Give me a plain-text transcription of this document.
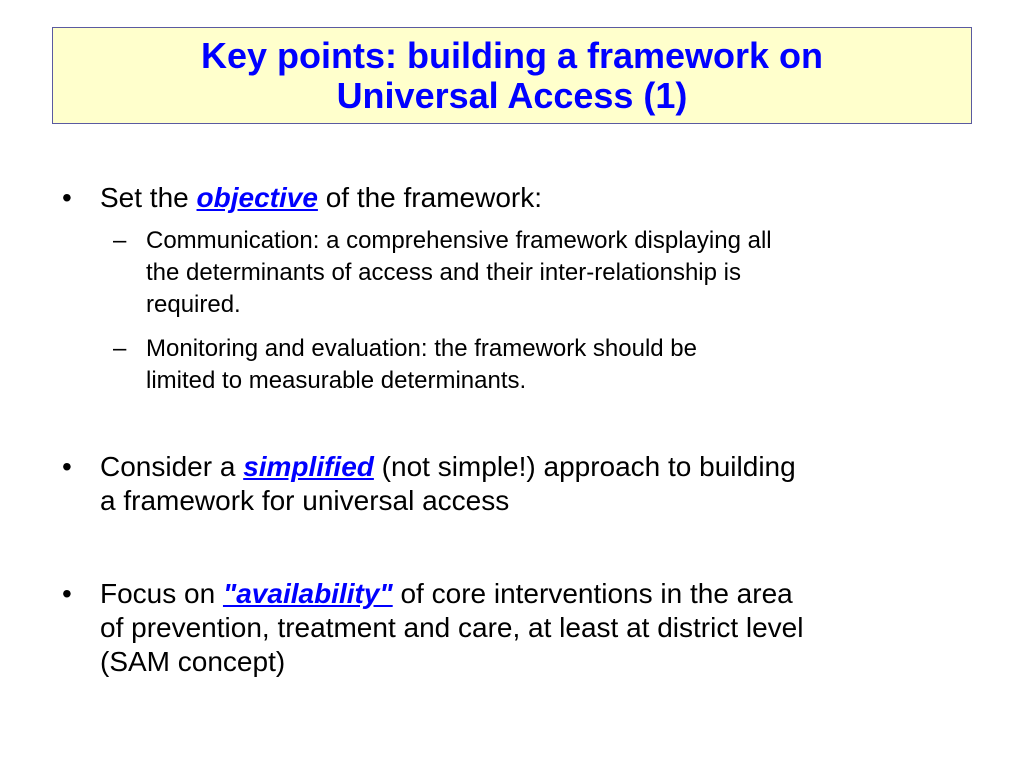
Key points: building a framework on
Universal Access (1)
• Set the objective of the framework:
– Communication: a comprehensive framework displaying all
the determinants of access and their inter-relationship is
required.
– Monitoring and evaluation: the framework should be
limited to measurable determinants.
• Consider a simplified (not simple!) approach to building
a framework for universal access
• Focus on "availability" of core interventions in the area
of prevention, treatment and care, at least at district level
(SAM concept)
